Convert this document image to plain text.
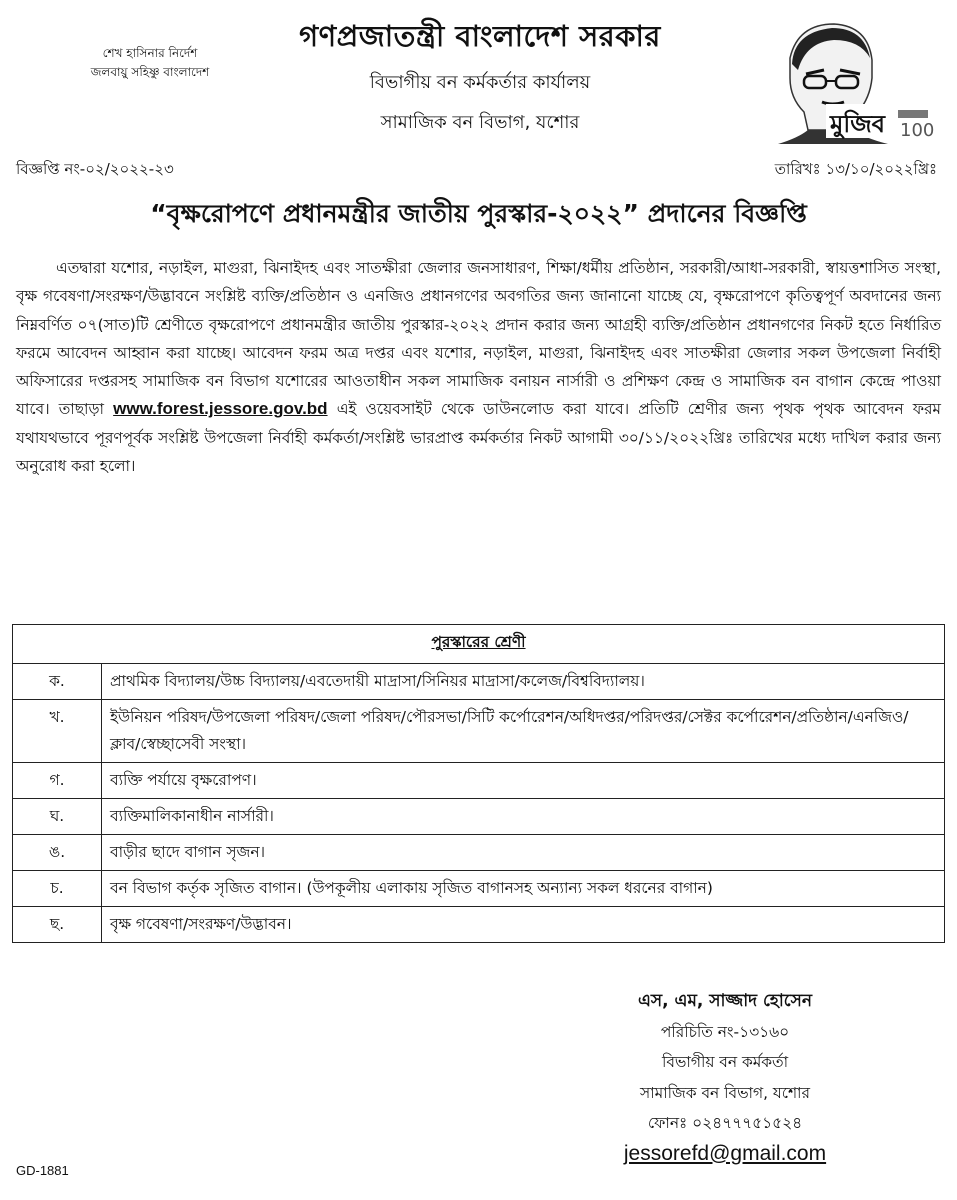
শেখ হাসিনার নির্দেশ
জলবায়ু সহিষ্ণু বাংলাদেশ
গণপ্রজাতন্ত্রী বাংলাদেশ সরকার
বিভাগীয় বন কর্মকর্তার কার্যালয়
সামাজিক বন বিভাগ, যশোর	মুজিব 100
বিজ্ঞপ্তি নং-০২/২০২২-২৩	তারিখঃ ১৩/১০/২০২২খ্রিঃ
“বৃক্ষরোপণে প্রধানমন্ত্রীর জাতীয় পুরস্কার-২০২২” প্রদানের বিজ্ঞপ্তি
এতদ্বারা যশোর, নড়াইল, মাগুরা, ঝিনাইদহ এবং সাতক্ষীরা জেলার জনসাধারণ, শিক্ষা/ধর্মীয় প্রতিষ্ঠান, সরকারী/আধা-সরকারী, স্বায়ত্তশাসিত সংস্থা, বৃক্ষ গবেষণা/সংরক্ষণ/উদ্ভাবনে সংশ্লিষ্ট ব্যক্তি/প্রতিষ্ঠান ও এনজিও প্রধানগণের অবগতির জন্য জানানো যাচ্ছে যে, বৃক্ষরোপণে কৃতিত্বপূর্ণ অবদানের জন্য নিম্নবর্ণিত ০৭(সাত)টি শ্রেণীতে বৃক্ষরোপণে প্রধানমন্ত্রীর জাতীয় পুরস্কার-২০২২ প্রদান করার জন্য আগ্রহী ব্যক্তি/প্রতিষ্ঠান প্রধানগণের নিকট হতে নির্ধারিত ফরমে আবেদন আহ্বান করা যাচ্ছে। আবেদন ফরম অত্র দপ্তর এবং যশোর, নড়াইল, মাগুরা, ঝিনাইদহ এবং সাতক্ষীরা জেলার সকল উপজেলা নির্বাহী অফিসারের দপ্তরসহ সামাজিক বন বিভাগ যশোরের আওতাধীন সকল সামাজিক বনায়ন নার্সারী ও প্রশিক্ষণ কেন্দ্র ও সামাজিক বন বাগান কেন্দ্রে পাওয়া যাবে। তাছাড়া www.forest.jessore.gov.bd এই ওয়েবসাইট থেকে ডাউনলোড করা যাবে। প্রতিটি শ্রেণীর জন্য পৃথক পৃথক আবেদন ফরম যথাযথভাবে পূরণপূর্বক সংশ্লিষ্ট উপজেলা নির্বাহী কর্মকর্তা/সংশ্লিষ্ট ভারপ্রাপ্ত কর্মকর্তার নিকট আগামী ৩০/১১/২০২২খ্রিঃ তারিখের মধ্যে দাখিল করার জন্য অনুরোধ করা হলো।
পুরস্কারের শ্রেণী	
ক.	প্রাথমিক বিদ্যালয়/উচ্চ বিদ্যালয়/এবতেদায়ী মাদ্রাসা/সিনিয়র মাদ্রাসা/কলেজ/বিশ্ববিদ্যালয়।
খ.	ইউনিয়ন পরিষদ/উপজেলা পরিষদ/জেলা পরিষদ/পৌরসভা/সিটি কর্পোরেশন/অধিদপ্তর/পরিদপ্তর/সেক্টর কর্পোরেশন/প্রতিষ্ঠান/এনজিও/ক্লাব/স্বেচ্ছাসেবী সংস্থা।
গ.	ব্যক্তি পর্যায়ে বৃক্ষরোপণ।
ঘ.	ব্যক্তিমালিকানাধীন নার্সারী।
ঙ.	বাড়ীর ছাদে বাগান সৃজন।
চ.	বন বিভাগ কর্তৃক সৃজিত বাগান। (উপকূলীয় এলাকায় সৃজিত বাগানসহ অন্যান্য সকল ধরনের বাগান)
ছ.	বৃক্ষ গবেষণা/সংরক্ষণ/উদ্ভাবন।
এস, এম, সাজ্জাদ হোসেন
পরিচিতি নং-১৩১৬০
বিভাগীয় বন কর্মকর্তা
সামাজিক বন বিভাগ, যশোর
ফোনঃ ০২৪৭৭৭৫১৫২৪
jessorefd@gmail.com
GD-1881
